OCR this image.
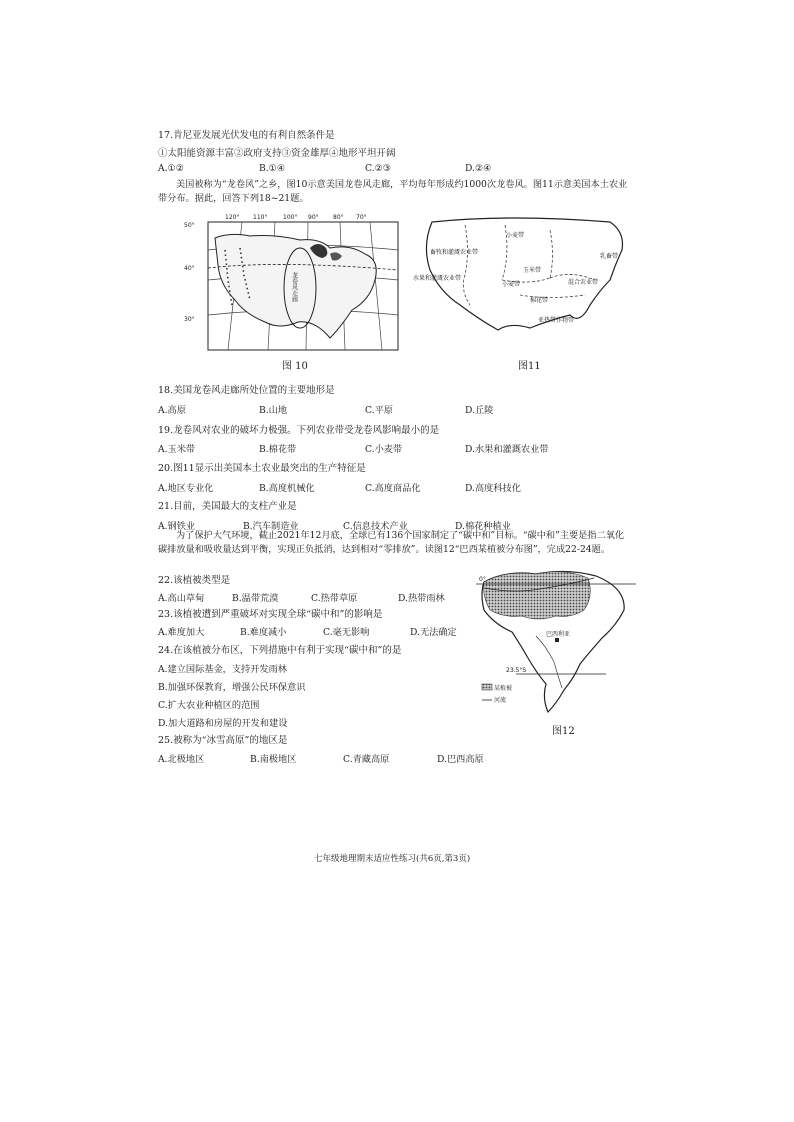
17.肯尼亚发展光伏发电的有利自然条件是
①太阳能资源丰富②政府支持③资金雄厚④地形平坦开阔
A.①②	B.①④	C.②③	D.②④
美国被称为“龙卷风”之乡，图10示意美国龙卷风走廊，平均每年形成约1000次龙卷风。图11示意美国本土农业带分布。据此，回答下列18~21题。
龙卷风走廊
50°
40°
30°
120° 110°	100° 90° 80° 70°
图 10
畜牧和灌溉农业带
乳畜带
玉米带
小麦带
混合农业带
水果和灌溉农业带
小麦带
棉花带
亚热带作物带
图11
18.美国龙卷风走廊所处位置的主要地形是
A.高原	B.山地	C.平原	D.丘陵
19.龙卷风对农业的破坏力极强。下列农业带受龙卷风影响最小的是
A.玉米带	B.棉花带	C.小麦带	D.水果和灌溉农业带
20.图11显示出美国本土农业最突出的生产特征是
A.地区专业化	B.高度机械化	C.高度商品化	D.高度科技化
21.目前，美国最大的支柱产业是
A.钢铁业	B.汽车制造业	C.信息技术产业	D.棉花种植业
为了保护大气环境，截止2021年12月底，全球已有136个国家制定了“碳中和”目标。“碳中和”主要是指二氧化碳排放量和吸收量达到平衡，实现正负抵消，达到相对“零排放”。读图12“巴西某植被分布图”，完成22-24题。
22.该植被类型是
A.高山草甸	B.温带荒漠	C.热带草原	D.热带雨林
23.该植被遭到严重破坏对实现全球“碳中和”的影响是
A.难度加大	B.难度减小	C.毫无影响	D.无法确定
24.在该植被分布区，下列措施中有利于实现“碳中和”的是
A.建立国际基金，支持开发雨林
B.加强环保教育，增强公民环保意识
C.扩大农业种植区的范围
D.加大道路和房屋的开发和建设
25.被称为“冰雪高原”的地区是
A.北极地区	B.南极地区	C.青藏高原	D.巴西高原
0°
巴西利亚
23.5°S
某植被
河流
图12
七年级地理期末适应性练习(共6页,第3页)
